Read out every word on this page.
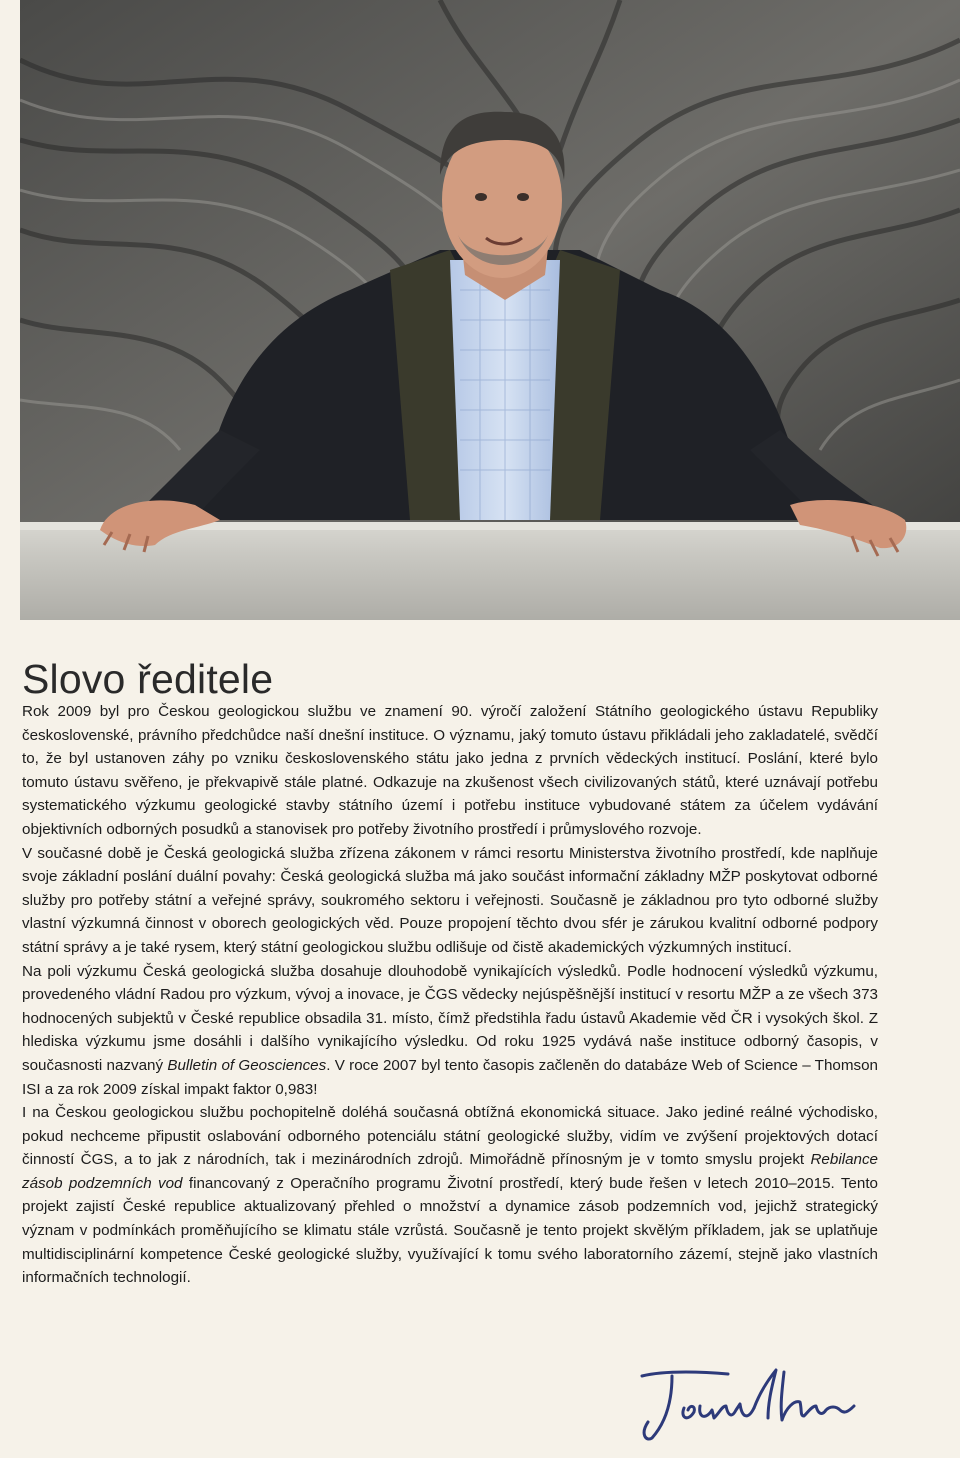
Slovo ředitele

Rok 2009 byl pro Českou geologickou službu ve znamení 90. výročí založení Státního geologického ústavu Republiky československé, právního předchůdce naší dnešní instituce. O významu, jaký tomuto ústavu přikládali jeho zakladatelé, svědčí to, že byl ustanoven záhy po vzniku československého státu jako jedna z prvních vědeckých institucí. Poslání, které bylo tomuto ústavu svěřeno, je překvapivě stále platné. Odkazuje na zkušenost všech civilizovaných států, které uznávají potřebu systematického výzkumu geologické stavby státního území i potřebu instituce vybudované státem za účelem vydávání objektivních odborných posudků a stanovisek pro potřeby životního prostředí i průmyslového rozvoje.

V současné době je Česká geologická služba zřízena zákonem v rámci resortu Ministerstva životního prostředí, kde naplňuje svoje základní poslání duální povahy: Česká geologická služba má jako součást informační základny MŽP poskytovat odborné služby pro potřeby státní a veřejné správy, soukromého sektoru i veřejnosti. Současně je základnou pro tyto odborné služby vlastní výzkumná činnost v oborech geologických věd. Pouze propojení těchto dvou sfér je zárukou kvalitní odborné podpory státní správy a je také rysem, který státní geologickou službu odlišuje od čistě akademických výzkumných institucí.

Na poli výzkumu Česká geologická služba dosahuje dlouhodobě vynikajících výsledků. Podle hodnocení výsledků výzkumu, provedeného vládní Radou pro výzkum, vývoj a inovace, je ČGS vědecky nejúspěšnější institucí v resortu MŽP a ze všech 373 hodnocených subjektů v České republice obsadila 31. místo, čímž předstihla řadu ústavů Akademie věd ČR i vysokých škol. Z hlediska výzkumu jsme dosáhli i dalšího vynikajícího výsledku. Od roku 1925 vydává naše instituce odborný časopis, v současnosti nazvaný Bulletin of Geosciences. V roce 2007 byl tento časopis začleněn do databáze Web of Science – Thomson ISI a za rok 2009 získal impakt faktor 0,983!

I na Českou geologickou službu pochopitelně doléhá současná obtížná ekonomická situace. Jako jediné reálné východisko, pokud nechceme připustit oslabování odborného potenciálu státní geologické služby, vidím ve zvýšení projektových dotací činností ČGS, a to jak z národních, tak i mezinárodních zdrojů. Mimořádně přínosným je v tomto smyslu projekt Rebilance zásob podzemních vod financovaný z Operačního programu Životní prostředí, který bude řešen v letech 2010–2015. Tento projekt zajistí České republice aktualizovaný přehled o množství a dynamice zásob podzemních vod, jejichž strategický význam v podmínkách proměňujícího se klimatu stále vzrůstá. Současně je tento projekt skvělým příkladem, jak se uplatňuje multidisciplinární kompetence České geologické služby, využívající k tomu svého laboratorního zázemí, stejně jako vlastních informačních technologií.
